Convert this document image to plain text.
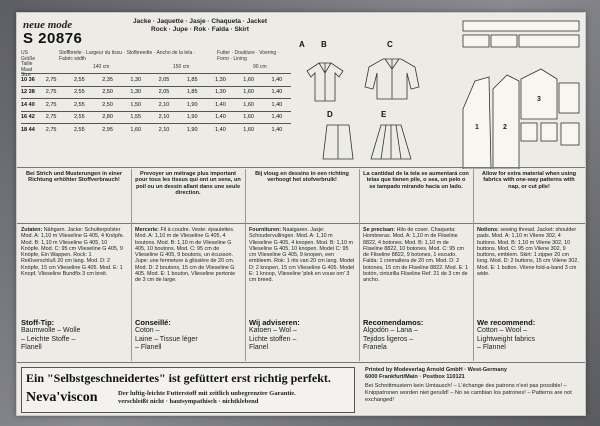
neue mode
S 20876
Jacke · Jaquette · Jasje · Chaqueta · Jacket
Rock · Jupe · Rok · Falda · Skirt
US Größe Taille Maat Size
Stoffbreite · Largeur du tissu · Stofbreedte · Ancho de la tela · Fabric width
Futter · Doublure · Voering · Forro · Lining
140 cm	150 cm	90 cm
10 36	2,75	2,55	2,35	1,30	2,05	1,85	1,30	1,60	1,40
12 38	2,75	2,55	2,50	1,30	2,05	1,85	1,30	1,60	1,40
14 40	2,75	2,55	2,50	1,50	2,10	1,90	1,40	1,60	1,40
16 42	2,75	2,55	2,80	1,55	2,10	1,90	1,40	1,60	1,40
18 44	2,75	2,55	2,95	1,60	2,10	1,90	1,40	1,60	1,40
A B	C
D	E
1	2
3
Bei Strich und Musterungen in einer Richtung erhöhter Stoffverbrauch!
Prevoyer un métrage plus important pour tous les tissus qui ont un sens, un poil ou un dessin allant dans une seule direction.
Bij vloug en dessins in een richting verhoogt het stofverbruik!
La cantidad de la tela se aumentará con telas que tienen pile, o sea, un pelo o se tampado mirando hacia un lado.
Allow for extra material when using fabrics with one-way patterns with nap, or cut pile!
Zutaten: Nähgarn. Jacke: Schulterpolster Mod. A: 1,10 m Vlieseline G 405, 4 Knöpfe. Mod. B: 1,10 m Vlieseline G 405, 10 Knöpfe. Mod. C: 95 cm Vlieseline G 405, 9 Knöpfe, Ein Wappen. Rock: 1 Reißverschluß 20 cm lang. Mod. D: 2 Knöpfe, 15 cm Vlieseline G 405. Mod. E: 1 Knopf, Vlieseline Bundfix 3 cm breit.
Mercerie: Fil à coudre. Veste: épaulettes. Mod. A: 1,10 m de Vlieseline G 405, 4 boutons. Mod. B: 1,10 m de Vlieseline G 405, 10 boutons. Mod. C: 95 cm de Vlieseline G 405, 9 boutons, un écusson. Jupe: une fermeture à glissière de 20 cm. Mod. D: 2 boutons, 15 cm de Vlieseline G 405. Mod. E: 1 bouton, Vlieseline pertonie de 3 cm de large.
Fournituren: Naaigaren. Jasje: Schoudervullingen. Mod. A: 1,10 m Vlieseline G 405, 4 knopen. Mod. B: 1,10 m Vlieseline G 405, 10 knopen. Model C: 95 cm Vlieseline G 405, 9 knopen, een embleem. Rok: 1 rits van 20 cm lang. Model D: 2 knopen, 15 cm Vlieseline G 405. Model E: 1 knoop, Vlieseline 'plek en vouw om' 3 cm breed.
Se precisan: Hilo de coser. Chaqueta: Hombreras. Mod. A: 1,10 m de Fliseline 8822, 4 botones. Mod. B: 1,10 m de Fliseline 8822, 10 botones. Mod. C: 95 cm de Fliseline 8822, 9 botones, 1 escudo. Falda: 1 cremallera de 20 cm. Mod. D: 2 botones, 15 cm de Fliseline 8822. Mod. E: 1 botón, cinturilla Fliseline Ref. 21 de 3 cm de ancho.
Notions: sewing thread. Jacket: shoulder pads. Mod. A: 1,10 m Vilene 302, 4 buttons. Mod. B: 1,10 m Vilene 302, 10 buttons. Mod. C: 95 cm Vilene 302, 9 buttons, emblem. Skirt: 1 zipper 20 cm long. Mod. D: 2 buttons, 15 cm Vilene 302. Mod. E: 1 button. Vilene fold-a-band 3 cm wide.
Stoff-Tip:
Baumwolle – Wolle
– Leichte Stoffe –
Flanell
Conseillé:
Coton –
Laine – Tissue léger
– Flanell
Wij adviseren:
Katoen – Wol –
Lichte stoffen –
Flanel
Recomendamos:
Algodón – Lana –
Tejidos ligeros –
Franela
We recommend:
Cotton – Wool –
Lightweight fabrics
– Flannel
Ein "Selbstgeschneidertes" ist gefüttert erst richtig perfekt.
Neva'viscon	Der luftig-leichte Futterstoff mit zeitlich unbegrenzter Garantie.
verschleißt nicht · hautsympathisch · nichtklebend
Printed by Modeverlag Arnold GmbH · West-Germany
6000 Frankfurt/Main · Postbox 110121
Bei Schnittmustern kein Umtausch! – L'échange des patrons n'est pas possible! – Knippatronen worden niet geruild! – No se cambian los patrones! – Patterns are not exchanged!
